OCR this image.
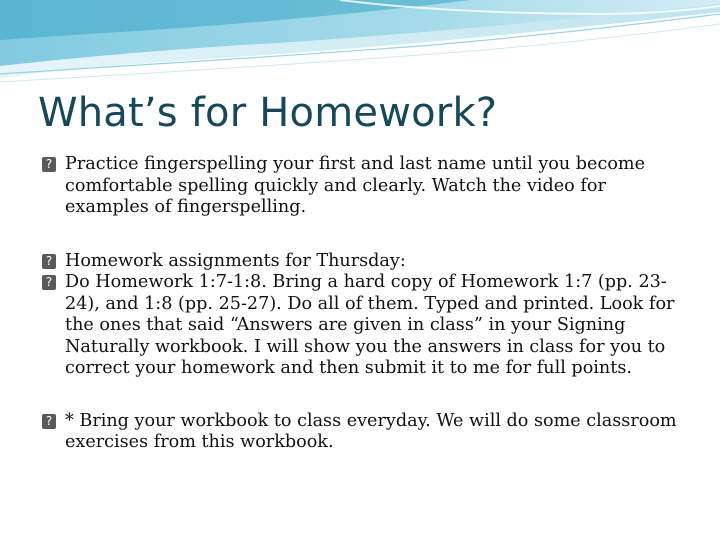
What’s for Homework?
? Practice fingerspelling your first and last name until you become comfortable spelling quickly and clearly. Watch the video for examples of fingerspelling.
? Homework assignments for Thursday:
? Do Homework 1:7-1:8. Bring a hard copy of Homework 1:7 (pp. 23-24), and 1:8 (pp. 25-27). Do all of them. Typed and printed. Look for the ones that said “Answers are given in class” in your Signing Naturally workbook. I will show you the answers in class for you to correct your homework and then submit it to me for full points.
? * Bring your workbook to class everyday. We will do some classroom exercises from this workbook.
